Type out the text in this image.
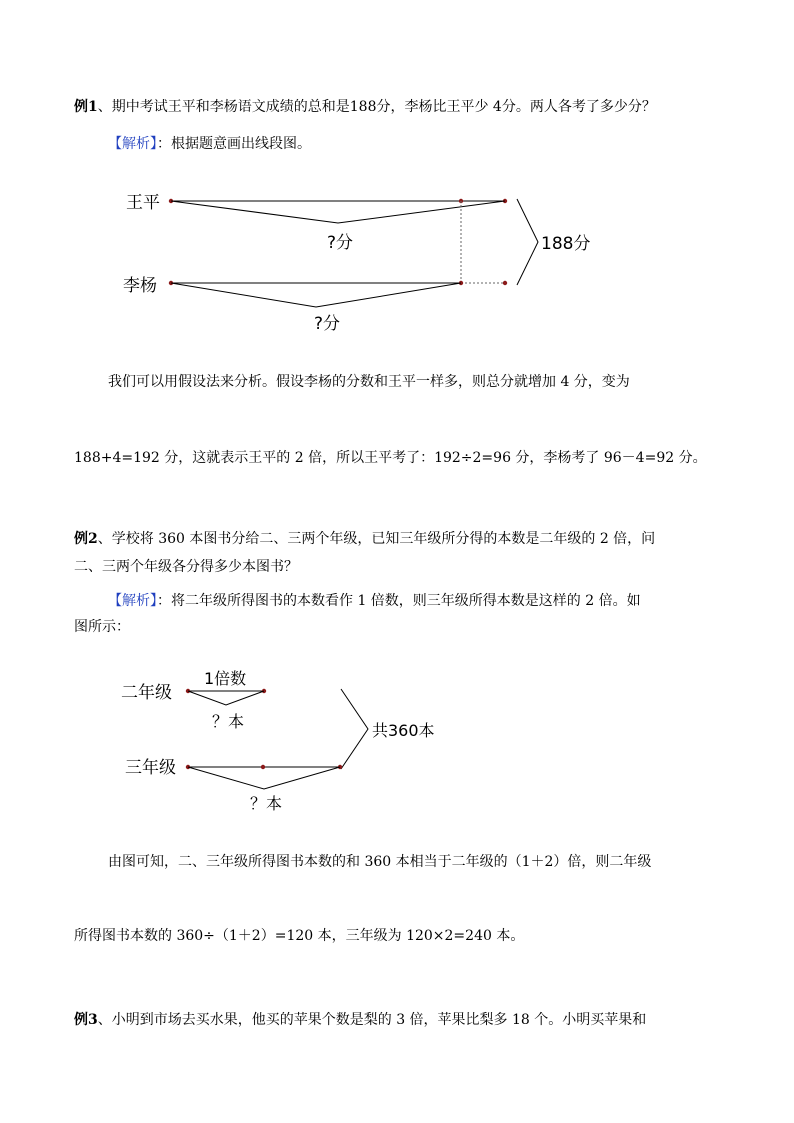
例1、期中考试王平和李杨语文成绩的总和是188分，李杨比王平少 4分。两人各考了多少分？
【解析】：根据题意画出线段图。
王平
?分	188分
李杨
?分
我们可以用假设法来分析。假设李杨的分数和王平一样多，则总分就增加 4 分，变为
188+4=192 分，这就表示王平的 2 倍，所以王平考了：192÷2=96 分，李杨考了 96－4=92 分。
例2、学校将 360 本图书分给二、三两个年级，已知三年级所分得的本数是二年级的 2 倍，问
二、三两个年级各分得多少本图书？
【解析】：将二年级所得图书的本数看作 1 倍数，则三年级所得本数是这样的 2 倍。如
图所示：
1倍数
二年级
？本	共360本
三年级
？本
由图可知，二、三年级所得图书本数的和 360 本相当于二年级的（1＋2）倍，则二年级
所得图书本数的 360÷（1＋2）=120 本，三年级为 120×2=240 本。
例3、小明到市场去买水果，他买的苹果个数是梨的 3 倍，苹果比梨多 18 个。小明买苹果和
